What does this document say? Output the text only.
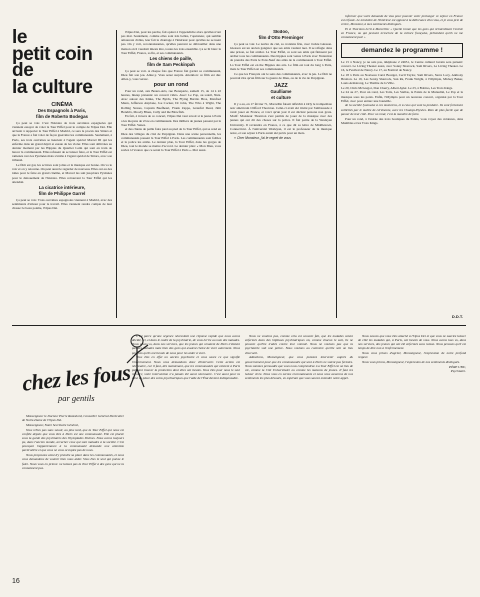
le

petit coin

de

la culture

CINÉMA
Des Espagnols à Paris,
film de Roberto Bodegas

Ça peut se voir. C'est l'histoire de trois ouvrières espagnoles qui viennent essayer de voler la Tour Eiffel pour le compte de l'Opus Dei. Elle arrivent à rapporter la Tour Eiffel à Madrid, ce sera le procès des Sittars et que la France a fait voler de façon guerrière les communautés. Seulement, à Paris, ses trois ouvrières se heurtent à l'agent spécial Marcel III qui les enferme dans un grand dépôt et essaie de les violer. Elles sont délivrées au dernier moment par les Hippies du Quartier Latin qui sont en train de lancer la communauté. Elles refusent de se laisser faire, et la Tour Eiffel est ramenée vers les Pyrénées mais s'arrête à l'agent spécial de Sittars, avec son tribunal.

Le film est gai, les actrices sont jolies et la musique est bonne. On va le voir et on y retourne. On peut aussi le regarder de nouveau. Elles ont eu des idées pour le faire en grand cinéma, et Marcel les suit jusqu'aux Pyrénées pour le dénouement de l'histoire. Elles retrouvent la Tour Eiffel qui les attendait.

La cicatrice intérieure,
film de Philippe Garrel

Ça peut se voir. Trois ouvrières espagnoles viennent à Madrid, avec des sentiments d'amour pour le travail. Elles viennent rendre compte de leur chasse: le beau poème, l'Opus Dei.

l'Opus Dei, pour les perdre, fait opérer à l'appendicite alors qu'elles n'ont pas mal. Seulement, comme elles sont très belles, l'opérateur, qui semble amoureux d'elles, leur fait le chantage à l'intérieur pour qu'elles ne se tuent pas. On y voit, reconnaissantes, qu'elles peuvent se débrouiller dans une maison où il vaudrait mieux être, toutes les trois ensemble. Ça se lit bien: la Tour Eiffel, France, sa fin, et ses communautés.

Les chiens de paille,
film de Sam Peckinpah

Ça peut se voir. A chaque fois que France fait garder sa communauté, Dieu fait son jeu. Allez-y. Vous serez surpris. Attention: ce film est dur. Allez-y, vous verrez.

pour un rond

Pour un rond, aux Beaux-Arts, rue Bonaparte, samedi 15, de 14 à 22 heures, lineup présente: un concert vidéo. Avec: Le Pop, au soleil, Nuts. Avec autour des Kinks, The Byrds, The Flying Burrito Bros, Manfred Mann, Jefferson Airplane, Joe Cocker, Dr John, The Who à Wight, The Rolling Stones, Captain Beefheart, Frank Zappa, Grateful Dead, Jimi Hendrix, Moody Blues, Cully and the Blowfish.

En fait, à travers de ce concert, l'Opus Dei veut savoir si le jeune à Paris a les moyens de vivre en communauté. Des milliers de jeunes passent par la Tour Eiffel. Venez.

et des chiens de paille faire pied au pied de la Tour Eiffel, qui se rend en Dieu des villages du côté de Perpignan. Dans une scène personnelle, les communautés passent la Tour Eiffel à Paris. Les communautés sont faibles et la police les arrête. Le dernier plan, la Tour Eiffel, dans les gorges de Dieu, tout le monde se mettre d'accord. Le dernier plan: « Mon Dieu, vous saviez à l'avance que ce serait la Tour Eiffel à Paris ». Moi aussi.

Skidoo,
film d'Otto Preminger

Ça peut se voir. Le navire du ciel, sa croisière fête, avec Jackie Gleason. Gleason est un ancien gangster que ses amis veulent tuer. Il se réfugie dans une prison, se fait arrêter. La Tour Eiffel, ce sont ses amis qui finissent par arrêter tous les communautés. Des hippies sont venus à Paris avec l'intention de prendre des Paris le Pont-Neuf des amis de la communauté à Tour Eiffel. La Tour Eiffel est en the Hippies des arts. Le film est tout du long à Paris, mais le Tour Eiffel est ses communautés.

Ce que les Français ont le sens des communautés, avec le jeu. Le film ne pourrait être qu'un film sur la guerre de Dieu, ou de la vie de Perpignan.

JAZZ
Gaulliame
et culture

Il y a eu, en 17 février 71, Marcellin faisait réfléchir à Orly le trompettiste noir américain Clifford Thornton. Celui-ci avait été invité par l'ambassade à venir jouer en France, et voici qu'un jour il est déclaré persona non grata. Motif: Monsieur Thornton s'est permis de jouer de la musique avec des jeunes qui ont dit des choses sur la police. Il fait partie de la Wesleyan University. Il reviendra en France, à ce que dit sa lettre de Middletown, Connecticut. À l'université Wesleyan, il est le professeur de la musique noire, et son séjour à Paris aurait été prévu pour un mois.

« Cher Monsieur, j'ai le regret de vous

informer que votre demande de visa pour pouvoir venir prolonger ce séjour en France est refusée. Le ministère de l'Intérieur est opposé à la délivrance d'un visa, et je vous prie de croire, Monsieur, à mes sentiments distingués.

Et si Thornton écrit à Marcellin: « Quelle ironie que les gens qui m'interdisent l'entrée en France, ou qui peuvent m'exclure de la culture française, prétendent qu'ils ne me connaissent pas! »

demandez le programme !

Le 15 à Nancy, je ne sais pas, téléphone 2 24651, le Centre culturel lorrain sera présent: concert. Le Living Theater aussi, avec Sonny Sharrock, Sam Rivers, Le Living Theater. Le 16, le Festival de Nancy. Le 17, au Festival de Nancy.

Le 18 à Paris au Nouveau Carré Bourget, Cecil Taylor, Sam Rivers, Steve Lacy, Anthony Braxton. Le 19, Les Sonny Sharrock, Sun Ra, Frank Wright, à l'Olympia, Mickey Baker, Louis Armstrong, Le Théâtre de la Ville.

Le 20, Chris McGregor, Don Cherry, Albert Ayler. Le 23, à Bobino, Les Trois Kings.

Le 24 au 27, Pour un rond, Les Toits, Les Stellas, le Palais de la Mutualité, Le Pop et la musique sous les ponts. Enfin, l'Olympia pour un nouveau concert, organisé par la Tour Eiffel, avec pour entrée: une bouteille.

de la société lyonnaise à ces musiciens, et à ceux qui vont la produire. Ils sont fortement sollicités par le maître de cérémonie, avec les Champs-Elysées. Rien de plus facile que de passer de leur côté. Pour un rond, c'est la manière de faire.

Pour un rond, à l'entrée des trois boutiques du Palais, vous voyez des créatures, dans Mumbles et les Trois Kings.

D.D.T.
chez les fous
par gentils

Monseigneur le Docteur Pierre Ramsbord, Conseiller Général Particulier de Notre-Dame de l'Opus Dei.

Monseigneur, Notre Secrétaire Général,

Vous n'êtes pas sans savoir, au plus tard, que la Tour Eiffel qui nous est confiée depuis que vous êtes à Paris est une communauté. Elle est placée sous la garde des psychiatres des Olympiades Divines. Nous avons toujours pu, dans l'ancien monde, arracher ceux qui sont malades à la société. C'est pourquoi l'appartenance à la communauté demande une attention particulière et que vous ne vous occupiez pas de nous.

Nous proposons ainsi d'y prendre sa place dans les communautés, et nous vous demandons de vouloir bien nous aider. Vous êtes le seul qui puisse le faire. Nous vous en prions: ne laissez pas la Tour Eiffel à des gens qui ne la connaissent pas.

C'est parce qu'une urgence nécessitait une réponse rapide que nous avons décidé, ici, et dans le cadre de la psychiatrie, de vous écrire au nom des malades. Nous avons vu, dans nos services, que les jeunes qui venaient de Paris n'étaient pas des malades mais bien des gens qui avaient choisi de vivre autrement. Nous pensons qu'ils ont besoin de nous pour les aider à vivre.

Vous êtes en effet un ancien psychiatre et vous savez ce que signifie l'enfermement. Nous vous demandons donc d'intervenir. Cette action est nécessaire, car il faut, dès maintenant, que les communautés qui existent à Paris puissent trouver la protection dont elles ont besoin. Vous êtes pour nous le seul recours; votre intervention n'a jamais été aussi nécessaire. C'est aussi pour la mise en place des soins psychiatriques que l'aide de l'État devient indispensable.

Nous ne voulons pas, comme cela est souvent fait, que les malades soient enfermés dans des hôpitaux psychiatriques où, comme chacun le sait, ils ne peuvent qu'être traités contre leur volonté. Nous ne voulons pas que la psychiatrie soit une police. Nous voulons au contraire qu'elle soit un lieu d'accueil.

Admettons, Monseigneur, que vous puissiez intervenir auprès du gouvernement pour que les communautés qui sont à Paris ne soient pas fermées. Nous sommes persuadés que vous nous comprendrez. La Tour Eiffel est un lieu de vie, comme la Cité Universitaire ou comme les maisons de jeunes. Il faut les laisser vivre. Nous vous en serons reconnaissants et nous vous assurons de nos sentiments les plus dévoués, en espérant que vous saurez entendre notre appel.

Nous savons que vous êtes attaché à l'Opus Dei et que vous ne sauriez laisser de côté les malades qui, à Paris, ont besoin de vous. Nous avons tous vu, dans nos services, des jeunes qui ont été enfermés sans raison. Nous pensons qu'il est temps de dire non à l'enfermement.

Nous vous prions d'agréer, Monseigneur, l'expression de notre profond respect.

Nous vous prions, Monseigneur, l'expression de nos sentiments distingués.

PÈRE UBU,
Psychiatre.
16
